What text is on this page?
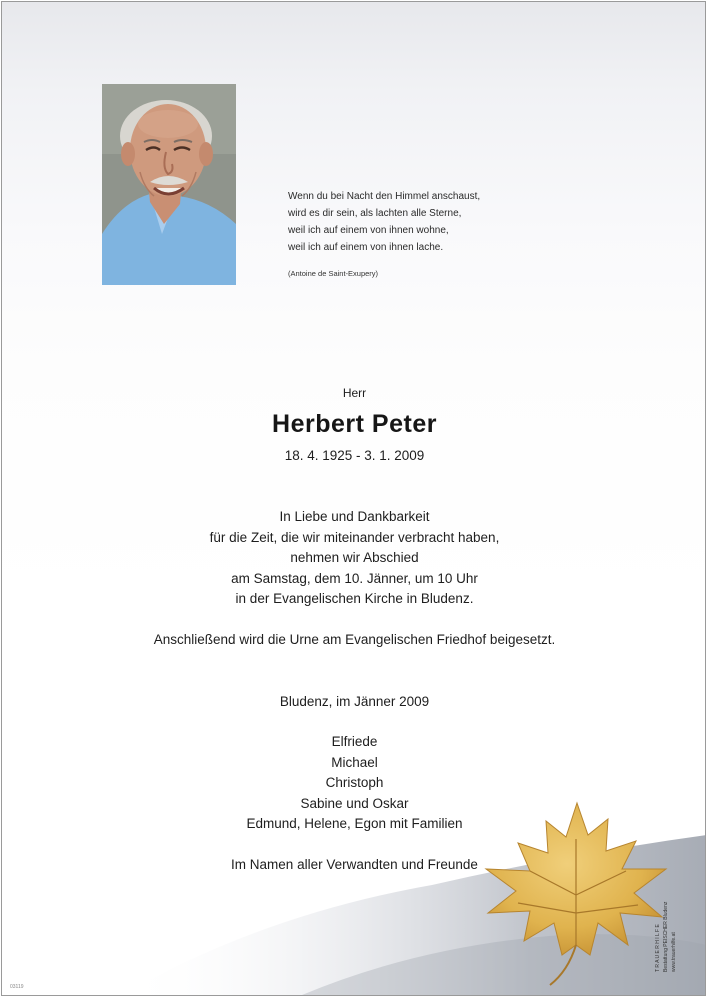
Wenn du bei Nacht den Himmel anschaust,
wird es dir sein, als lachten alle Sterne,
weil ich auf einem von ihnen wohne,
weil ich auf einem von ihnen lache.
(Antoine de Saint-Exupery)
Herr
Herbert Peter
18. 4. 1925 - 3. 1. 2009
In Liebe und Dankbarkeit
für die Zeit, die wir miteinander verbracht haben,
nehmen wir Abschied
am Samstag, dem 10. Jänner, um 10 Uhr
in der Evangelischen Kirche in Bludenz.
Anschließend wird die Urne am Evangelischen Friedhof beigesetzt.
Bludenz, im Jänner 2009
Elfriede
Michael
Christoph
Sabine und Oskar
Edmund, Helene, Egon mit Familien
Im Namen aller Verwandten und Freunde
T R A U E R H I L F E Bestattung PEISCHER Bludenz www.trauerhilfe.at
03119
